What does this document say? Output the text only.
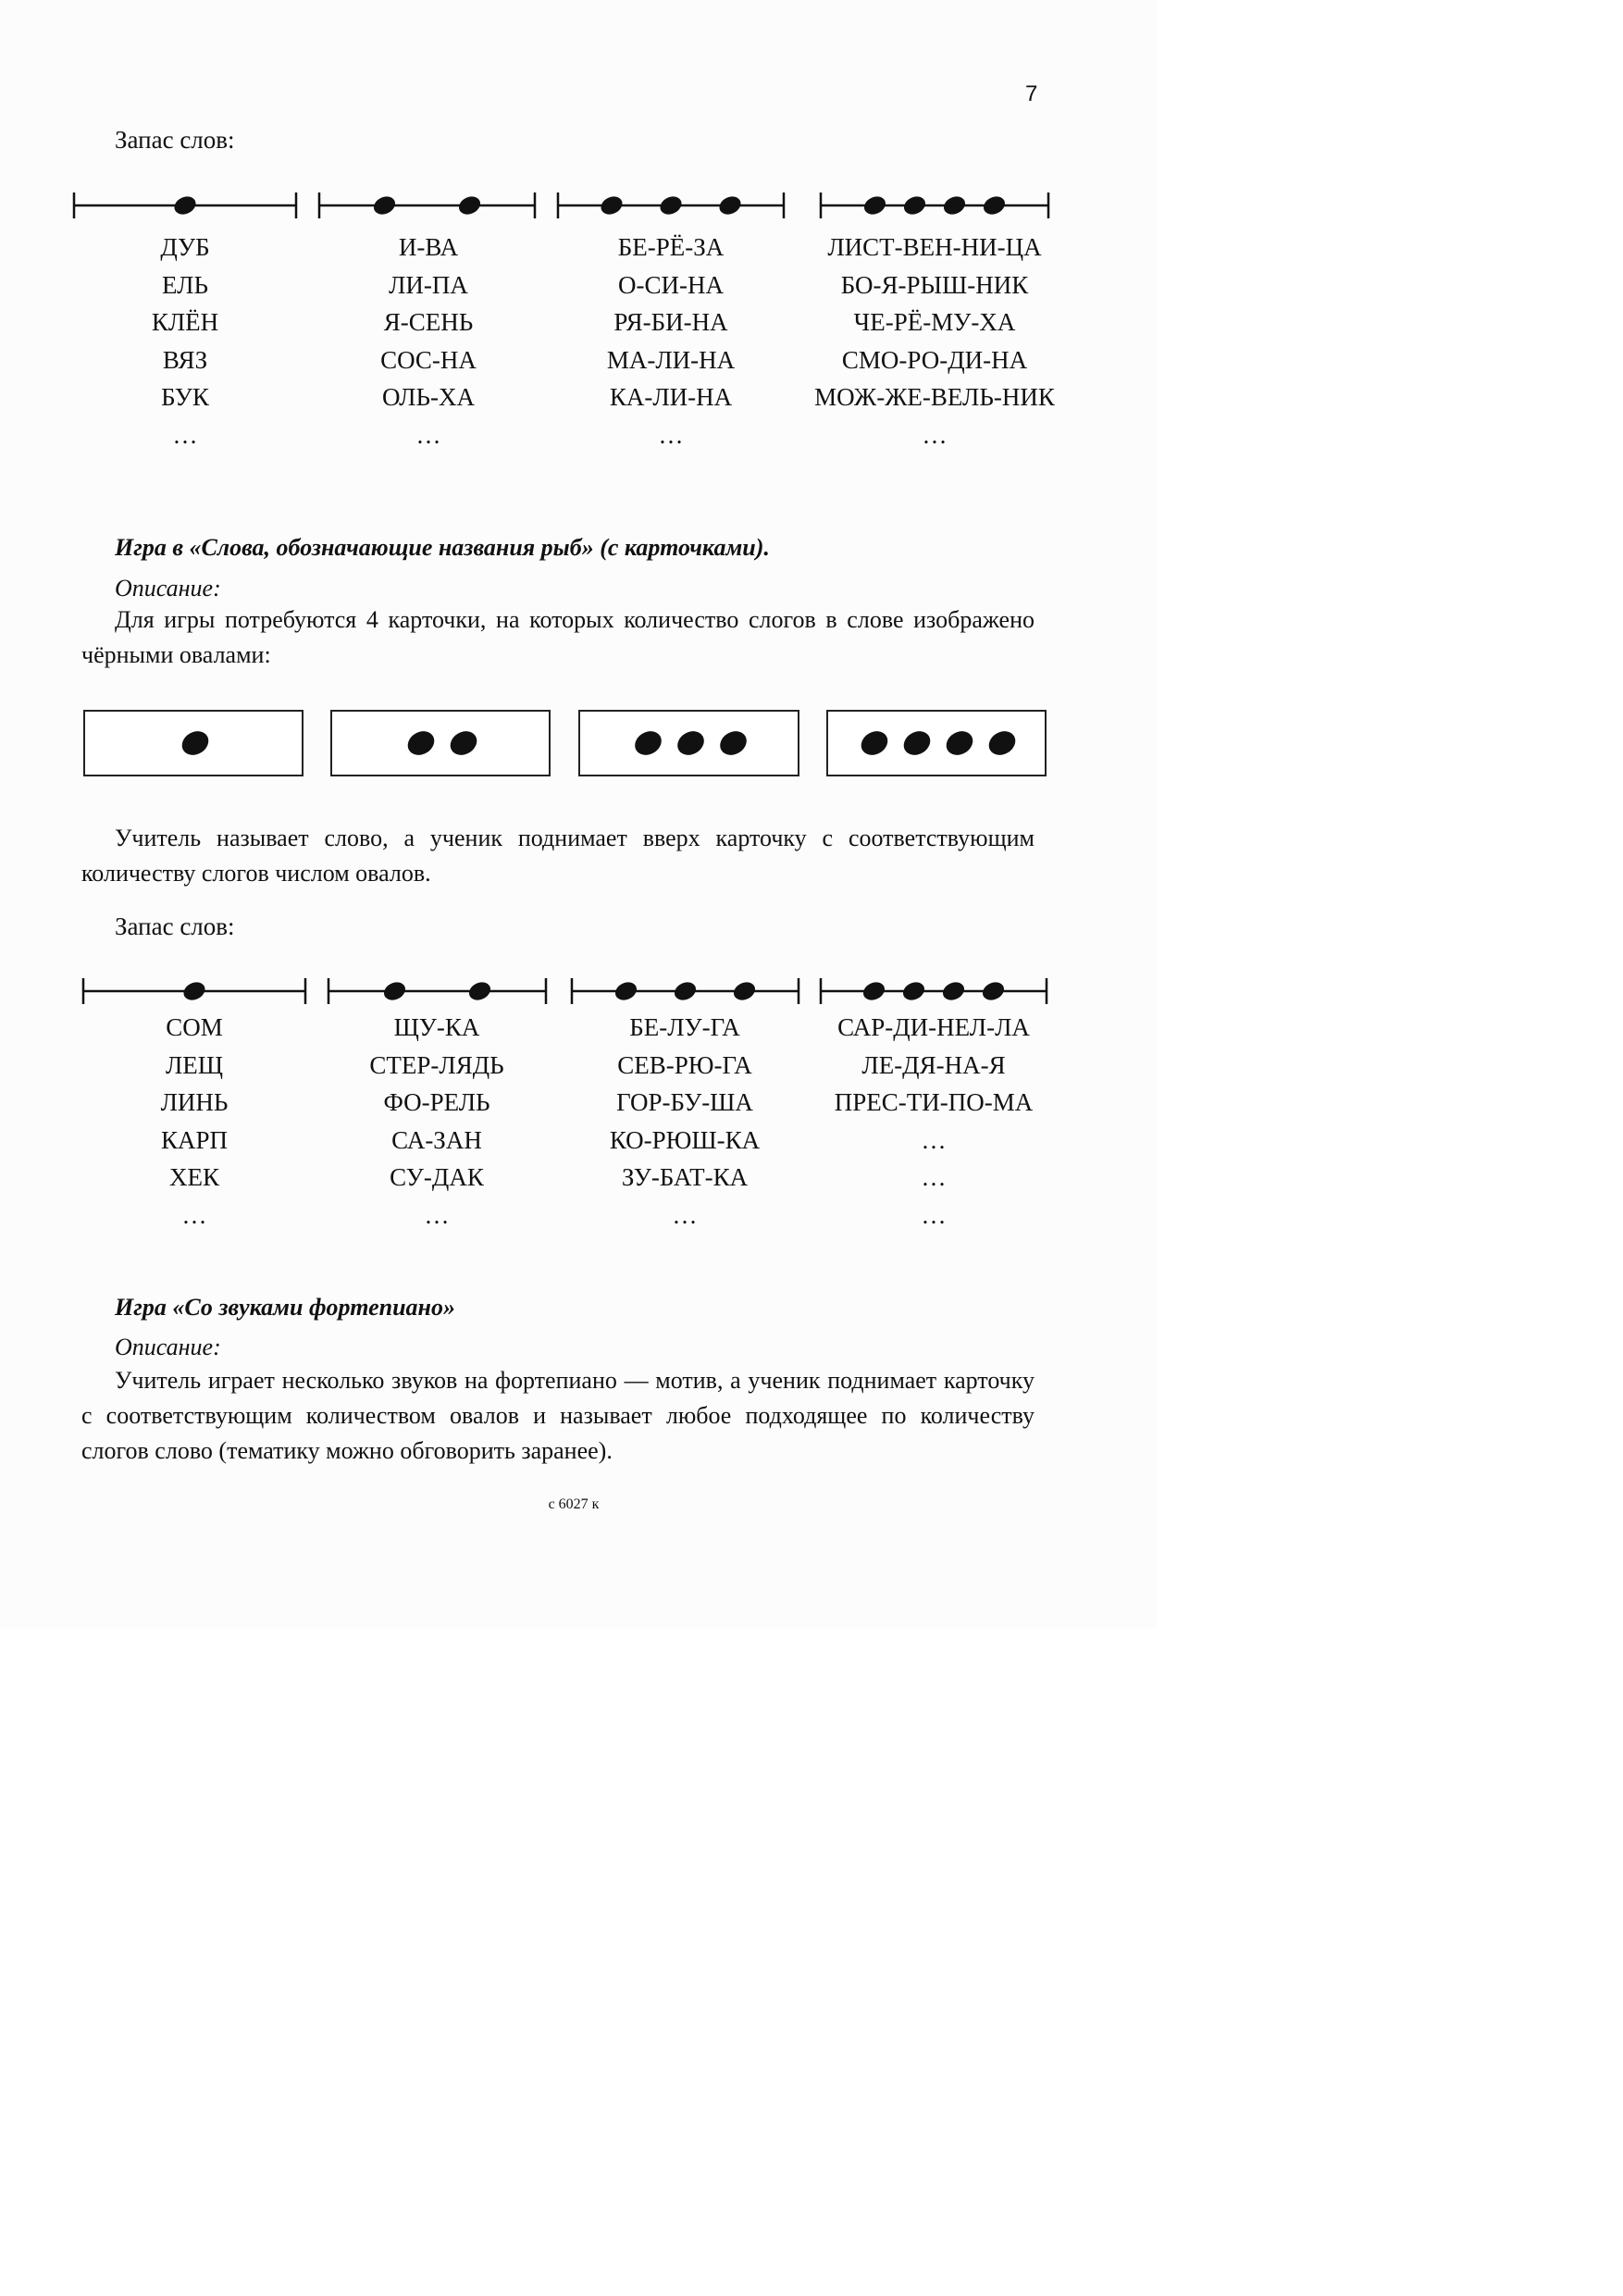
7
Запас слов:
ДУБ
ЕЛЬ
КЛЁН
ВЯЗ
БУК
…
И-ВА
ЛИ-ПА
Я-СЕНЬ
СОС-НА
ОЛЬ-ХА
…
БЕ-РЁ-ЗА
О-СИ-НА
РЯ-БИ-НА
МА-ЛИ-НА
КА-ЛИ-НА
…
ЛИСТ-ВЕН-НИ-ЦА
БО-Я-РЫШ-НИК
ЧЕ-РЁ-МУ-ХА
СМО-РО-ДИ-НА
МОЖ-ЖЕ-ВЕЛЬ-НИК
…
Игра в «Слова, обозначающие названия рыб» (с карточками).
Описание:
Для игры потребуются 4 карточки, на которых количество слогов в слове изображено чёрными овалами:
Учитель называет слово, а ученик поднимает вверх карточку с соответствующим количеству слогов числом овалов.
Запас слов:
СОМ
ЛЕЩ
ЛИНЬ
КАРП
ХЕК
…
ЩУ-КА
СТЕР-ЛЯДЬ
ФО-РЕЛЬ
СА-ЗАН
СУ-ДАК
…
БЕ-ЛУ-ГА
СЕВ-РЮ-ГА
ГОР-БУ-ША
КО-РЮШ-КА
ЗУ-БАТ-КА
…
САР-ДИ-НЕЛ-ЛА
ЛЕ-ДЯ-НА-Я
ПРЕС-ТИ-ПО-МА
…
…
…
Игра «Со звуками фортепиано»
Описание:
Учитель играет несколько звуков на фортепиано — мотив, а ученик поднимает карточку с соответствующим количеством овалов и называет любое подходящее по количеству слогов слово (тематику можно обговорить заранее).
с 6027 к
